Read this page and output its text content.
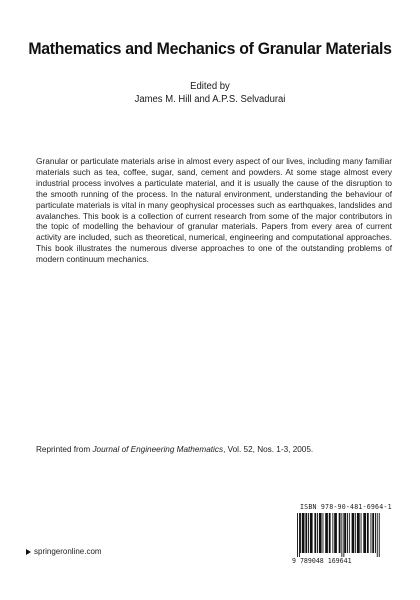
Mathematics and Mechanics of Granular Materials
Edited by
James M. Hill and A.P.S. Selvadurai
Granular or particulate materials arise in almost every aspect of our lives, including many familiar materials such as tea, coffee, sugar, sand, cement and powders. At some stage almost every industrial process involves a particulate material, and it is usually the cause of the disruption to the smooth running of the process. In the natural environment, understanding the behaviour of particulate materials is vital in many geophysical processes such as earthquakes, landslides and avalanches. This book is a collection of current research from some of the major contributors in the topic of modelling the behaviour of granular materials. Papers from every area of current activity are included, such as theoretical, numerical, engineering and computational approaches. This book illustrates the numerous diverse approaches to one of the outstanding problems of modern continuum mechanics.
Reprinted from Journal of Engineering Mathematics, Vol. 52, Nos. 1-3, 2005.
ISBN 978-90-481-6964-1
9 789048 169641
springeronline.com
